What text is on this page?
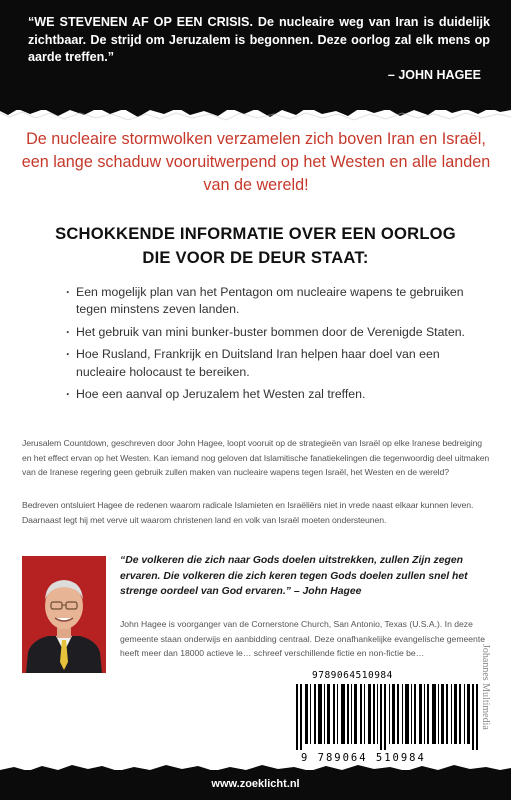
“WE STEVENEN AF OP EEN CRISIS. De nucleaire weg van Iran is duidelijk zichtbaar. De strijd om Jeruzalem is begonnen. Deze oorlog zal elk mens op aarde treffen.”
– JOHN HAGEE
De nucleaire stormwolken verzamelen zich boven Iran en Israël, een lange schaduw vooruitwerpend op het Westen en alle landen van de wereld!
SCHOKKENDE INFORMATIE OVER EEN OORLOG
DIE VOOR DE DEUR STAAT:
· Een mogelijk plan van het Pentagon om nucleaire wapens te gebruiken tegen minstens zeven landen.
· Het gebruik van mini bunker-buster bommen door de Verenigde Staten.
· Hoe Rusland, Frankrijk en Duitsland Iran helpen haar doel van een nucleaire holocaust te bereiken.
· Hoe een aanval op Jeruzalem het Westen zal treffen.
Jerusalem Countdown, geschreven door John Hagee, loopt vooruit op de strategieën van Israël op elke Iranese bedreiging en het effect ervan op het Westen. Kan iemand nog geloven dat Islamitische fanatiekelingen die tegenwoordig deel uitmaken van de Iranese regering geen gebruik zullen maken van nucleaire wapens tegen Israël, het Westen en de wereld?
Bedreven ontsluiert Hagee de redenen waarom radicale Islamieten en Israëliërs niet in vrede naast elkaar kunnen leven. Daarnaast legt hij met verve uit waarom christenen land en volk van Israël moeten ondersteunen.
“De volkeren die zich naar Gods doelen uitstrekken, zullen Zijn zegen ervaren. Die volkeren die zich keren tegen Gods doelen zullen snel het strenge oordeel van God ervaren.” – John Hagee
John Hagee is voorganger van de Cornerstone Church, San Antonio, Texas (U.S.A.). In deze gemeente staan onderwijs en aanbidding centraal. Deze onafhankelijke evangelische gemeente heeft meer dan 18000 actieve le… schreef verschillende fictie en non-fictie be…
9789064510984
9 789064 510984
Johannes Multimedia
www.zoeklicht.nl
